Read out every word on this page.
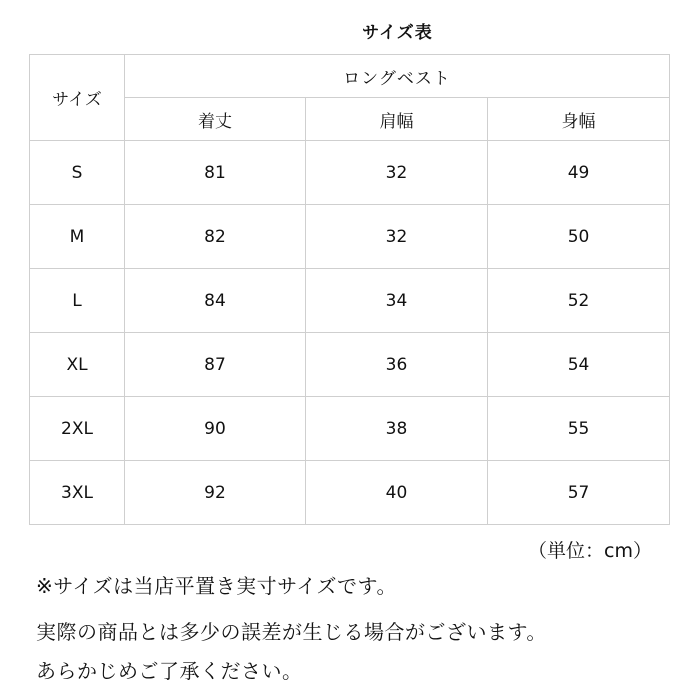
サイズ表
サイズ	ロングベスト		
	着丈	肩幅	身幅
S	81	32	49
M	82	32	50
L	84	34	52
XL	87	36	54
2XL	90	38	55
3XL	92	40	57
（単位：cm）
※サイズは当店平置き実寸サイズです。
実際の商品とは多少の誤差が生じる場合がございます。
あらかじめご了承ください。
